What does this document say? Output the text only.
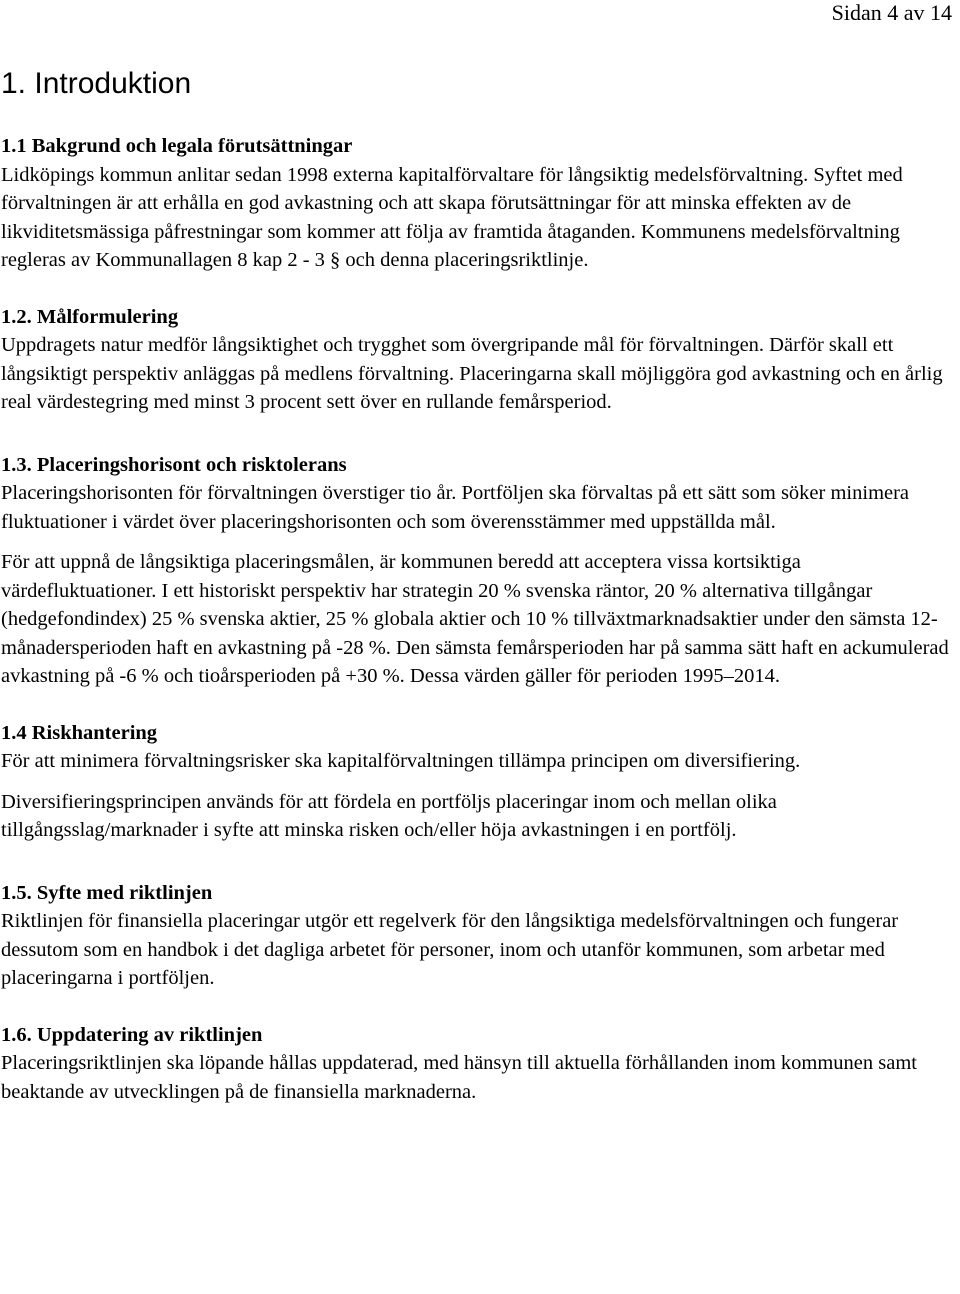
Sidan 4 av 14
1. Introduktion
1.1 Bakgrund och legala förutsättningar

Lidköpings kommun anlitar sedan 1998 externa kapitalförvaltare för långsiktig medelsförvaltning. Syftet med förvaltningen är att erhålla en god avkastning och att skapa förutsättningar för att minska effekten av de likviditetsmässiga påfrestningar som kommer att följa av framtida åtaganden. Kommunens medelsförvaltning regleras av Kommunallagen 8 kap 2 - 3 § och denna placeringsriktlinje.

1.2. Målformulering

Uppdragets natur medför långsiktighet och trygghet som övergripande mål för förvaltningen. Därför skall ett långsiktigt perspektiv anläggas på medlens förvaltning. Placeringarna skall möjliggöra god avkastning och en årlig real värdestegring med minst 3 procent sett över en rullande femårsperiod.

1.3. Placeringshorisont och risktolerans

Placeringshorisonten för förvaltningen överstiger tio år. Portföljen ska förvaltas på ett sätt som söker minimera fluktuationer i värdet över placeringshorisonten och som överensstämmer med uppställda mål.

För att uppnå de långsiktiga placeringsmålen, är kommunen beredd att acceptera vissa kortsiktiga värdefluktuationer. I ett historiskt perspektiv har strategin 20 % svenska räntor, 20 % alternativa tillgångar (hedgefondindex) 25 % svenska aktier, 25 % globala aktier och 10 % tillväxtmarknadsaktier under den sämsta 12-månadersperioden haft en avkastning på -28 %. Den sämsta femårsperioden har på samma sätt haft en ackumulerad avkastning på -6 % och tioårsperioden på +30 %. Dessa värden gäller för perioden 1995–2014.

1.4 Riskhantering

För att minimera förvaltningsrisker ska kapitalförvaltningen tillämpa principen om diversifiering.

Diversifieringsprincipen används för att fördela en portföljs placeringar inom och mellan olika tillgångsslag/marknader i syfte att minska risken och/eller höja avkastningen i en portfölj.

1.5. Syfte med riktlinjen

Riktlinjen för finansiella placeringar utgör ett regelverk för den långsiktiga medelsförvaltningen och fungerar dessutom som en handbok i det dagliga arbetet för personer, inom och utanför kommunen, som arbetar med placeringarna i portföljen.

1.6. Uppdatering av riktlinjen

Placeringsriktlinjen ska löpande hållas uppdaterad, med hänsyn till aktuella förhållanden inom kommunen samt beaktande av utvecklingen på de finansiella marknaderna.
